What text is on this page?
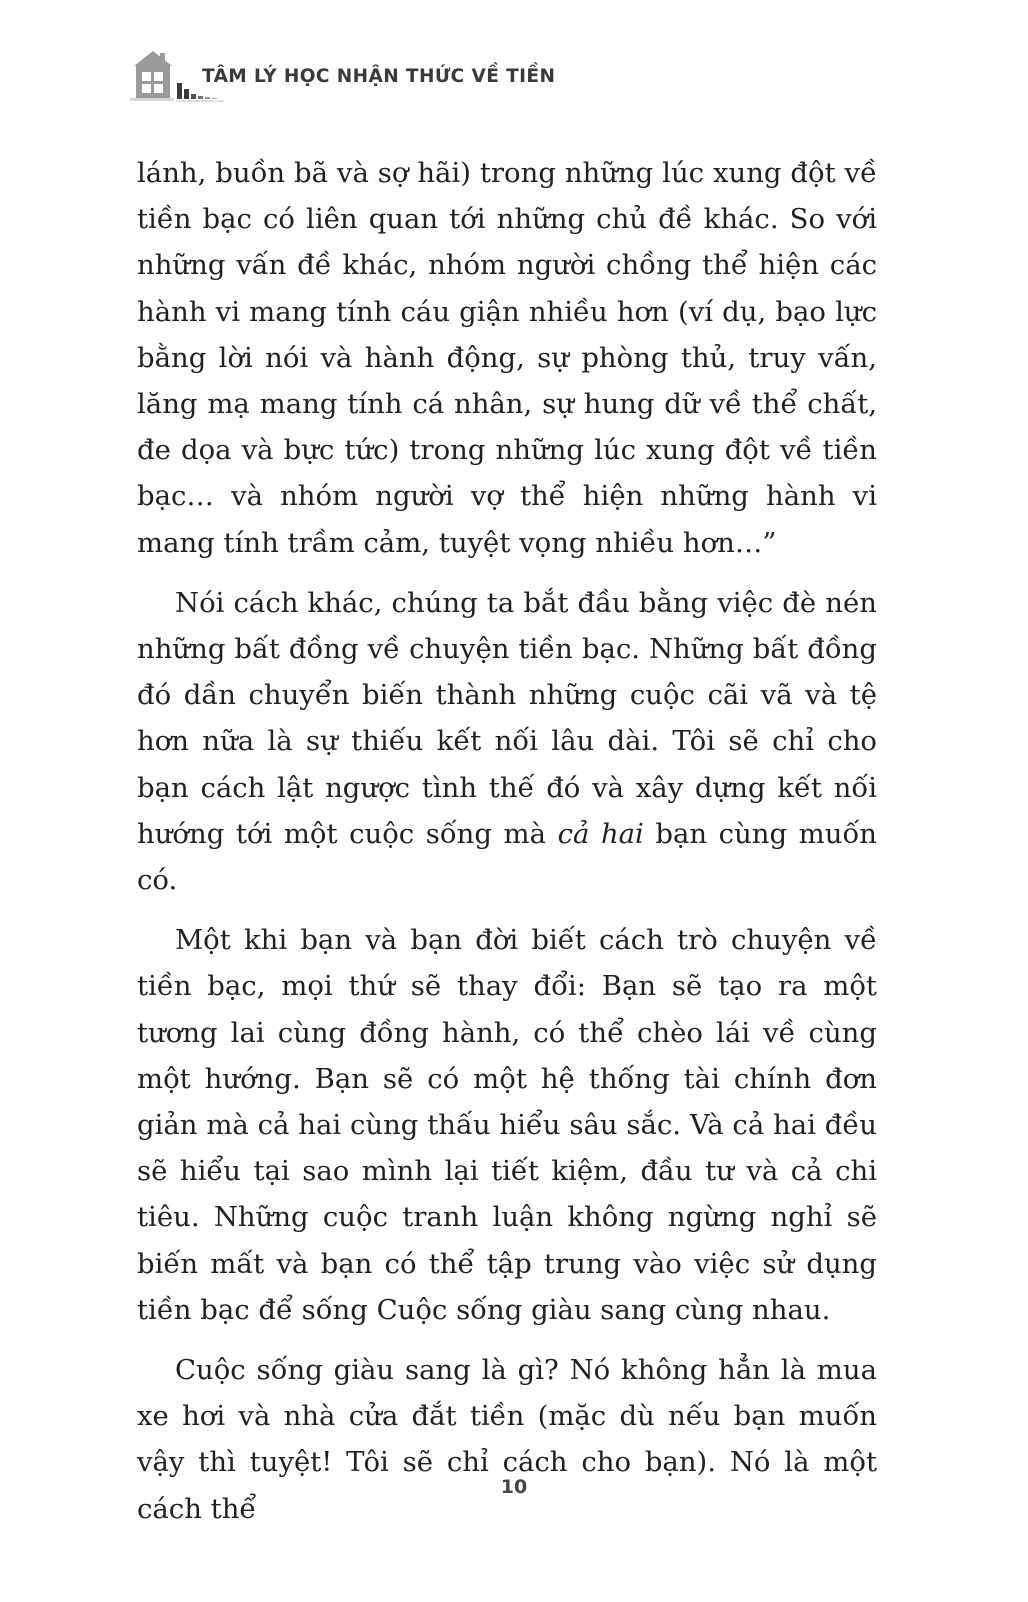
TÂM LÝ HỌC NHẬN THỨC VỀ TIỀN

lánh, buồn bã và sợ hãi) trong những lúc xung đột về tiền bạc có liên quan tới những chủ đề khác. So với những vấn đề khác, nhóm người chồng thể hiện các hành vi mang tính cáu giận nhiều hơn (ví dụ, bạo lực bằng lời nói và hành động, sự phòng thủ, truy vấn, lăng mạ mang tính cá nhân, sự hung dữ về thể chất, đe dọa và bực tức) trong những lúc xung đột về tiền bạc… và nhóm người vợ thể hiện những hành vi mang tính trầm cảm, tuyệt vọng nhiều hơn…”

Nói cách khác, chúng ta bắt đầu bằng việc đè nén những bất đồng về chuyện tiền bạc. Những bất đồng đó dần chuyển biến thành những cuộc cãi vã và tệ hơn nữa là sự thiếu kết nối lâu dài. Tôi sẽ chỉ cho bạn cách lật ngược tình thế đó và xây dựng kết nối hướng tới một cuộc sống mà cả hai bạn cùng muốn có.

Một khi bạn và bạn đời biết cách trò chuyện về tiền bạc, mọi thứ sẽ thay đổi: Bạn sẽ tạo ra một tương lai cùng đồng hành, có thể chèo lái về cùng một hướng. Bạn sẽ có một hệ thống tài chính đơn giản mà cả hai cùng thấu hiểu sâu sắc. Và cả hai đều sẽ hiểu tại sao mình lại tiết kiệm, đầu tư và cả chi tiêu. Những cuộc tranh luận không ngừng nghỉ sẽ biến mất và bạn có thể tập trung vào việc sử dụng tiền bạc để sống Cuộc sống giàu sang cùng nhau.

Cuộc sống giàu sang là gì? Nó không hẳn là mua xe hơi và nhà cửa đắt tiền (mặc dù nếu bạn muốn vậy thì tuyệt! Tôi sẽ chỉ cách cho bạn). Nó là một cách thể

10
